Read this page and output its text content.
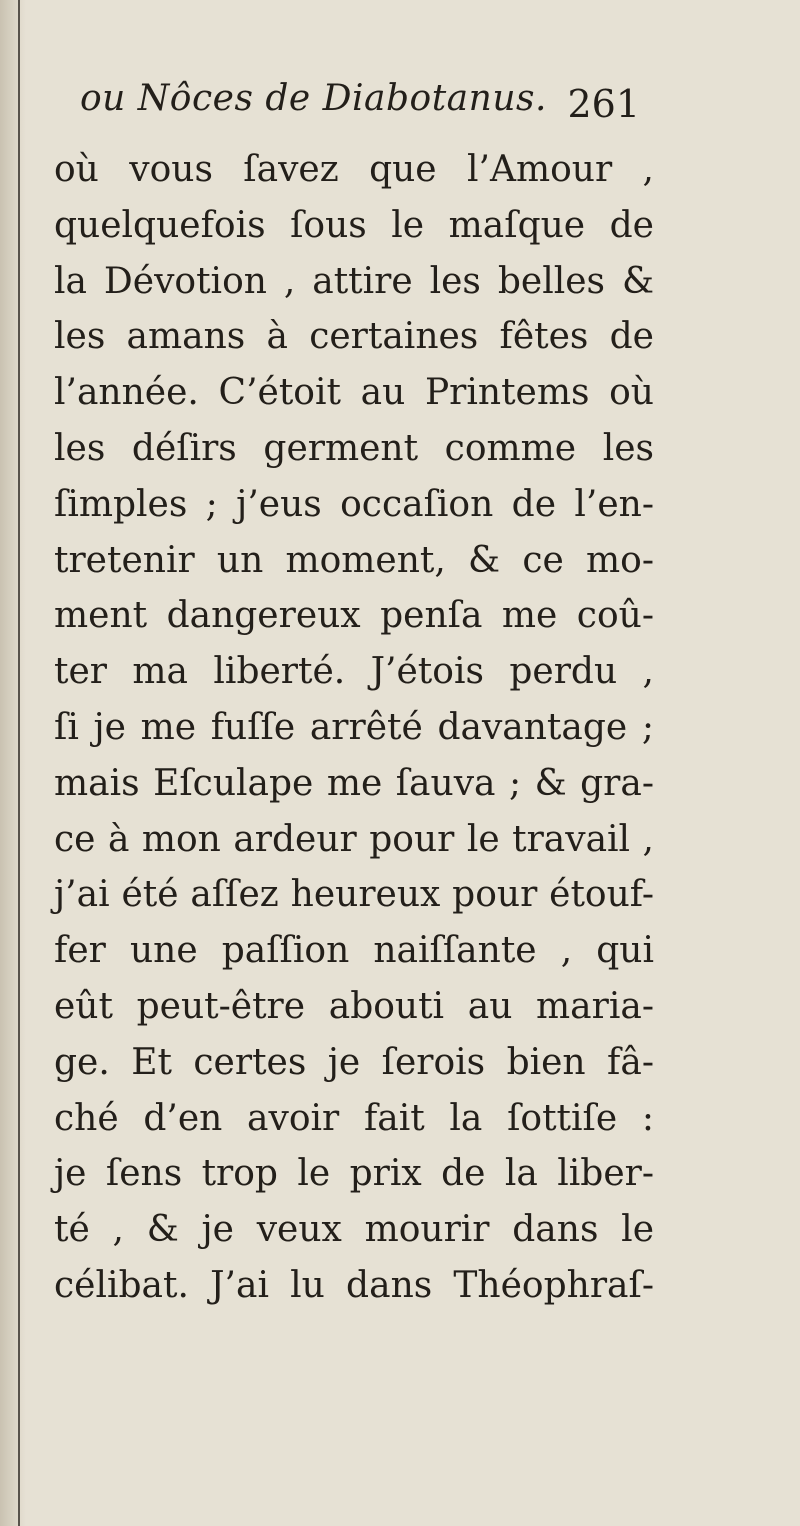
ou Nôces de Diabotanus. 261
où vous ſavez que l’Amour ,
quelquefois ſous le maſque de
la Dévotion , attire les belles &
les amans à certaines fêtes de
l’année. C’étoit au Printems où
les déſirs germent comme les
ſimples ; j’eus occaſion de l’en-
tretenir un moment, & ce mo-
ment dangereux penſa me coû-
ter ma liberté. J’étois perdu ,
ſi je me fuſſe arrêté davantage ;
mais Eſculape me ſauva ; & gra-
ce à mon ardeur pour le travail ,
j’ai été aſſez heureux pour étouf-
fer une paſſion naiſſante , qui
eût peut-être abouti au maria-
ge. Et certes je ſerois bien fâ-
ché d’en avoir fait la ſottiſe :
je ſens trop le prix de la liber-
té , & je veux mourir dans le
célibat. J’ai lu dans Théophraſ-
